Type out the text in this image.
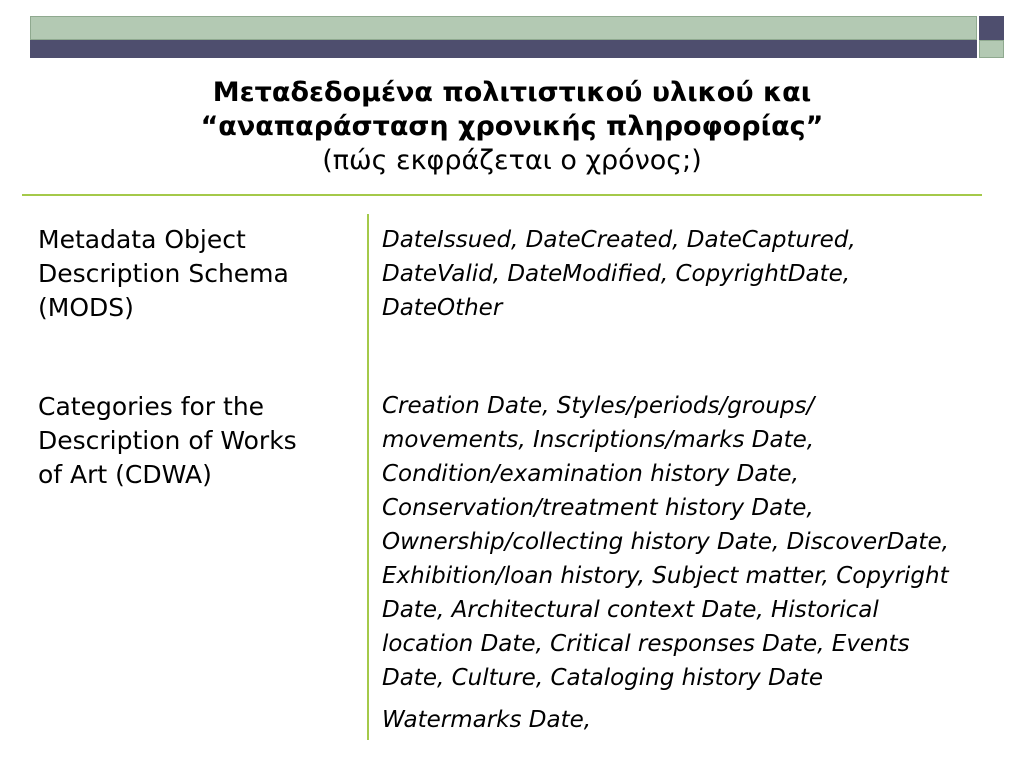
Μεταδεδομένα πολιτιστικού υλικού και
“αναπαράσταση χρονικής πληροφορίας”
(πώς εκφράζεται ο χρόνος;)
Metadata Object
Description Schema
(MODS)
DateIssued, DateCreated, DateCaptured,
DateValid, DateModified, CopyrightDate,
DateOther
Categories for the
Description of Works
of Art (CDWA)
Creation Date, Styles/periods/groups/
movements, Inscriptions/marks Date,
Condition/examination history Date,
Conservation/treatment history Date,
Ownership/collecting history Date, DiscoverDate,
Exhibition/loan history, Subject matter, Copyright
Date, Architectural context Date, Historical
location Date, Critical responses Date, Events
Date, Culture, Cataloging history Date
Watermarks Date,
